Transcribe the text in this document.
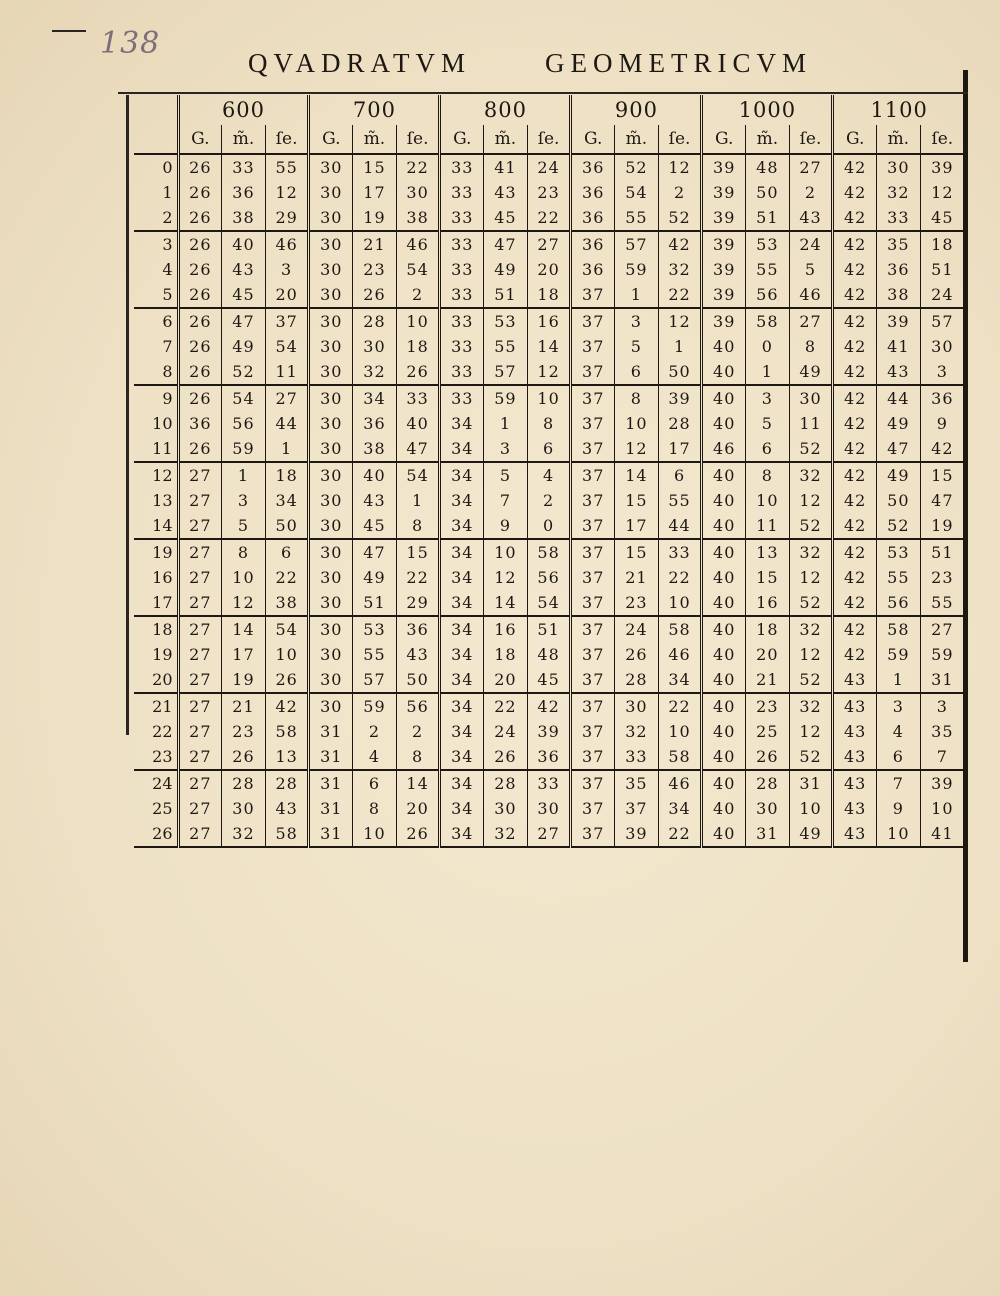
138
QVADRATVM	GEOMETRICVM
	600			700			800			900			1000			1100		
	G.	m̃.	ſe.	G.	m̃.	ſe.	G.	m̃.	ſe.	G.	m̃.	ſe.	G.	m̃.	ſe.	G.	m̃.	ſe.
0	26	33	55	30	15	22	33	41	24	36	52	12	39	48	27	42	30	39
1	26	36	12	30	17	30	33	43	23	36	54	2	39	50	2	42	32	12
2	26	38	29	30	19	38	33	45	22	36	55	52	39	51	43	42	33	45
3	26	40	46	30	21	46	33	47	27	36	57	42	39	53	24	42	35	18
4	26	43	3	30	23	54	33	49	20	36	59	32	39	55	5	42	36	51
5	26	45	20	30	26	2	33	51	18	37	1	22	39	56	46	42	38	24
6	26	47	37	30	28	10	33	53	16	37	3	12	39	58	27	42	39	57
7	26	49	54	30	30	18	33	55	14	37	5	1	40	0	8	42	41	30
8	26	52	11	30	32	26	33	57	12	37	6	50	40	1	49	42	43	3
9	26	54	27	30	34	33	33	59	10	37	8	39	40	3	30	42	44	36
10	36	56	44	30	36	40	34	1	8	37	10	28	40	5	11	42	49	9
11	26	59	1	30	38	47	34	3	6	37	12	17	46	6	52	42	47	42
12	27	1	18	30	40	54	34	5	4	37	14	6	40	8	32	42	49	15
13	27	3	34	30	43	1	34	7	2	37	15	55	40	10	12	42	50	47
14	27	5	50	30	45	8	34	9	0	37	17	44	40	11	52	42	52	19
19	27	8	6	30	47	15	34	10	58	37	15	33	40	13	32	42	53	51
16	27	10	22	30	49	22	34	12	56	37	21	22	40	15	12	42	55	23
17	27	12	38	30	51	29	34	14	54	37	23	10	40	16	52	42	56	55
18	27	14	54	30	53	36	34	16	51	37	24	58	40	18	32	42	58	27
19	27	17	10	30	55	43	34	18	48	37	26	46	40	20	12	42	59	59
20	27	19	26	30	57	50	34	20	45	37	28	34	40	21	52	43	1	31
21	27	21	42	30	59	56	34	22	42	37	30	22	40	23	32	43	3	3
22	27	23	58	31	2	2	34	24	39	37	32	10	40	25	12	43	4	35
23	27	26	13	31	4	8	34	26	36	37	33	58	40	26	52	43	6	7
24	27	28	28	31	6	14	34	28	33	37	35	46	40	28	31	43	7	39
25	27	30	43	31	8	20	34	30	30	37	37	34	40	30	10	43	9	10
26	27	32	58	31	10	26	34	32	27	37	39	22	40	31	49	43	10	41
